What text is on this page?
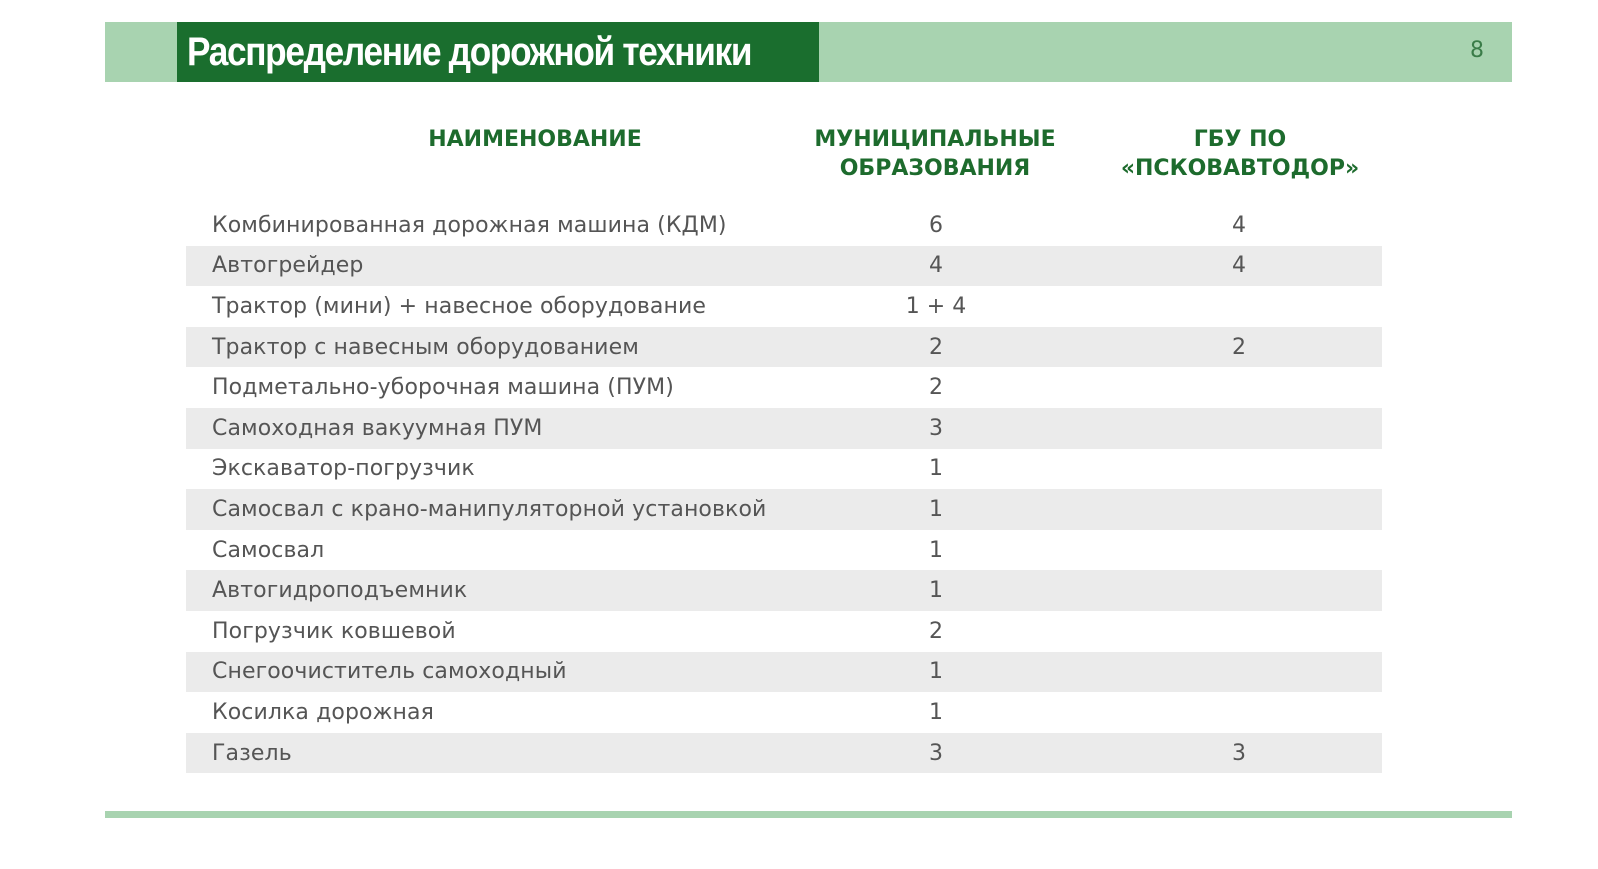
Распределение дорожной техники	8
НАИМЕНОВАНИЕ	МУНИЦИПАЛЬНЫЕ
ОБРАЗОВАНИЯ
ГБУ ПО
«ПСКОВАВТОДОР»
Комбинированная дорожная машина (КДМ)	6	4
Автогрейдер	4	4
Трактор (мини) + навесное оборудование	1 + 4
Трактор с навесным оборудованием	2	2
Подметально-уборочная машина (ПУМ)	2
Самоходная вакуумная ПУМ	3
Экскаватор-погрузчик	1
Самосвал с крано-манипуляторной установкой	1
Самосвал	1
Автогидроподъемник	1
Погрузчик ковшевой	2
Снегоочиститель самоходный	1
Косилка дорожная	1
Газель	3	3
